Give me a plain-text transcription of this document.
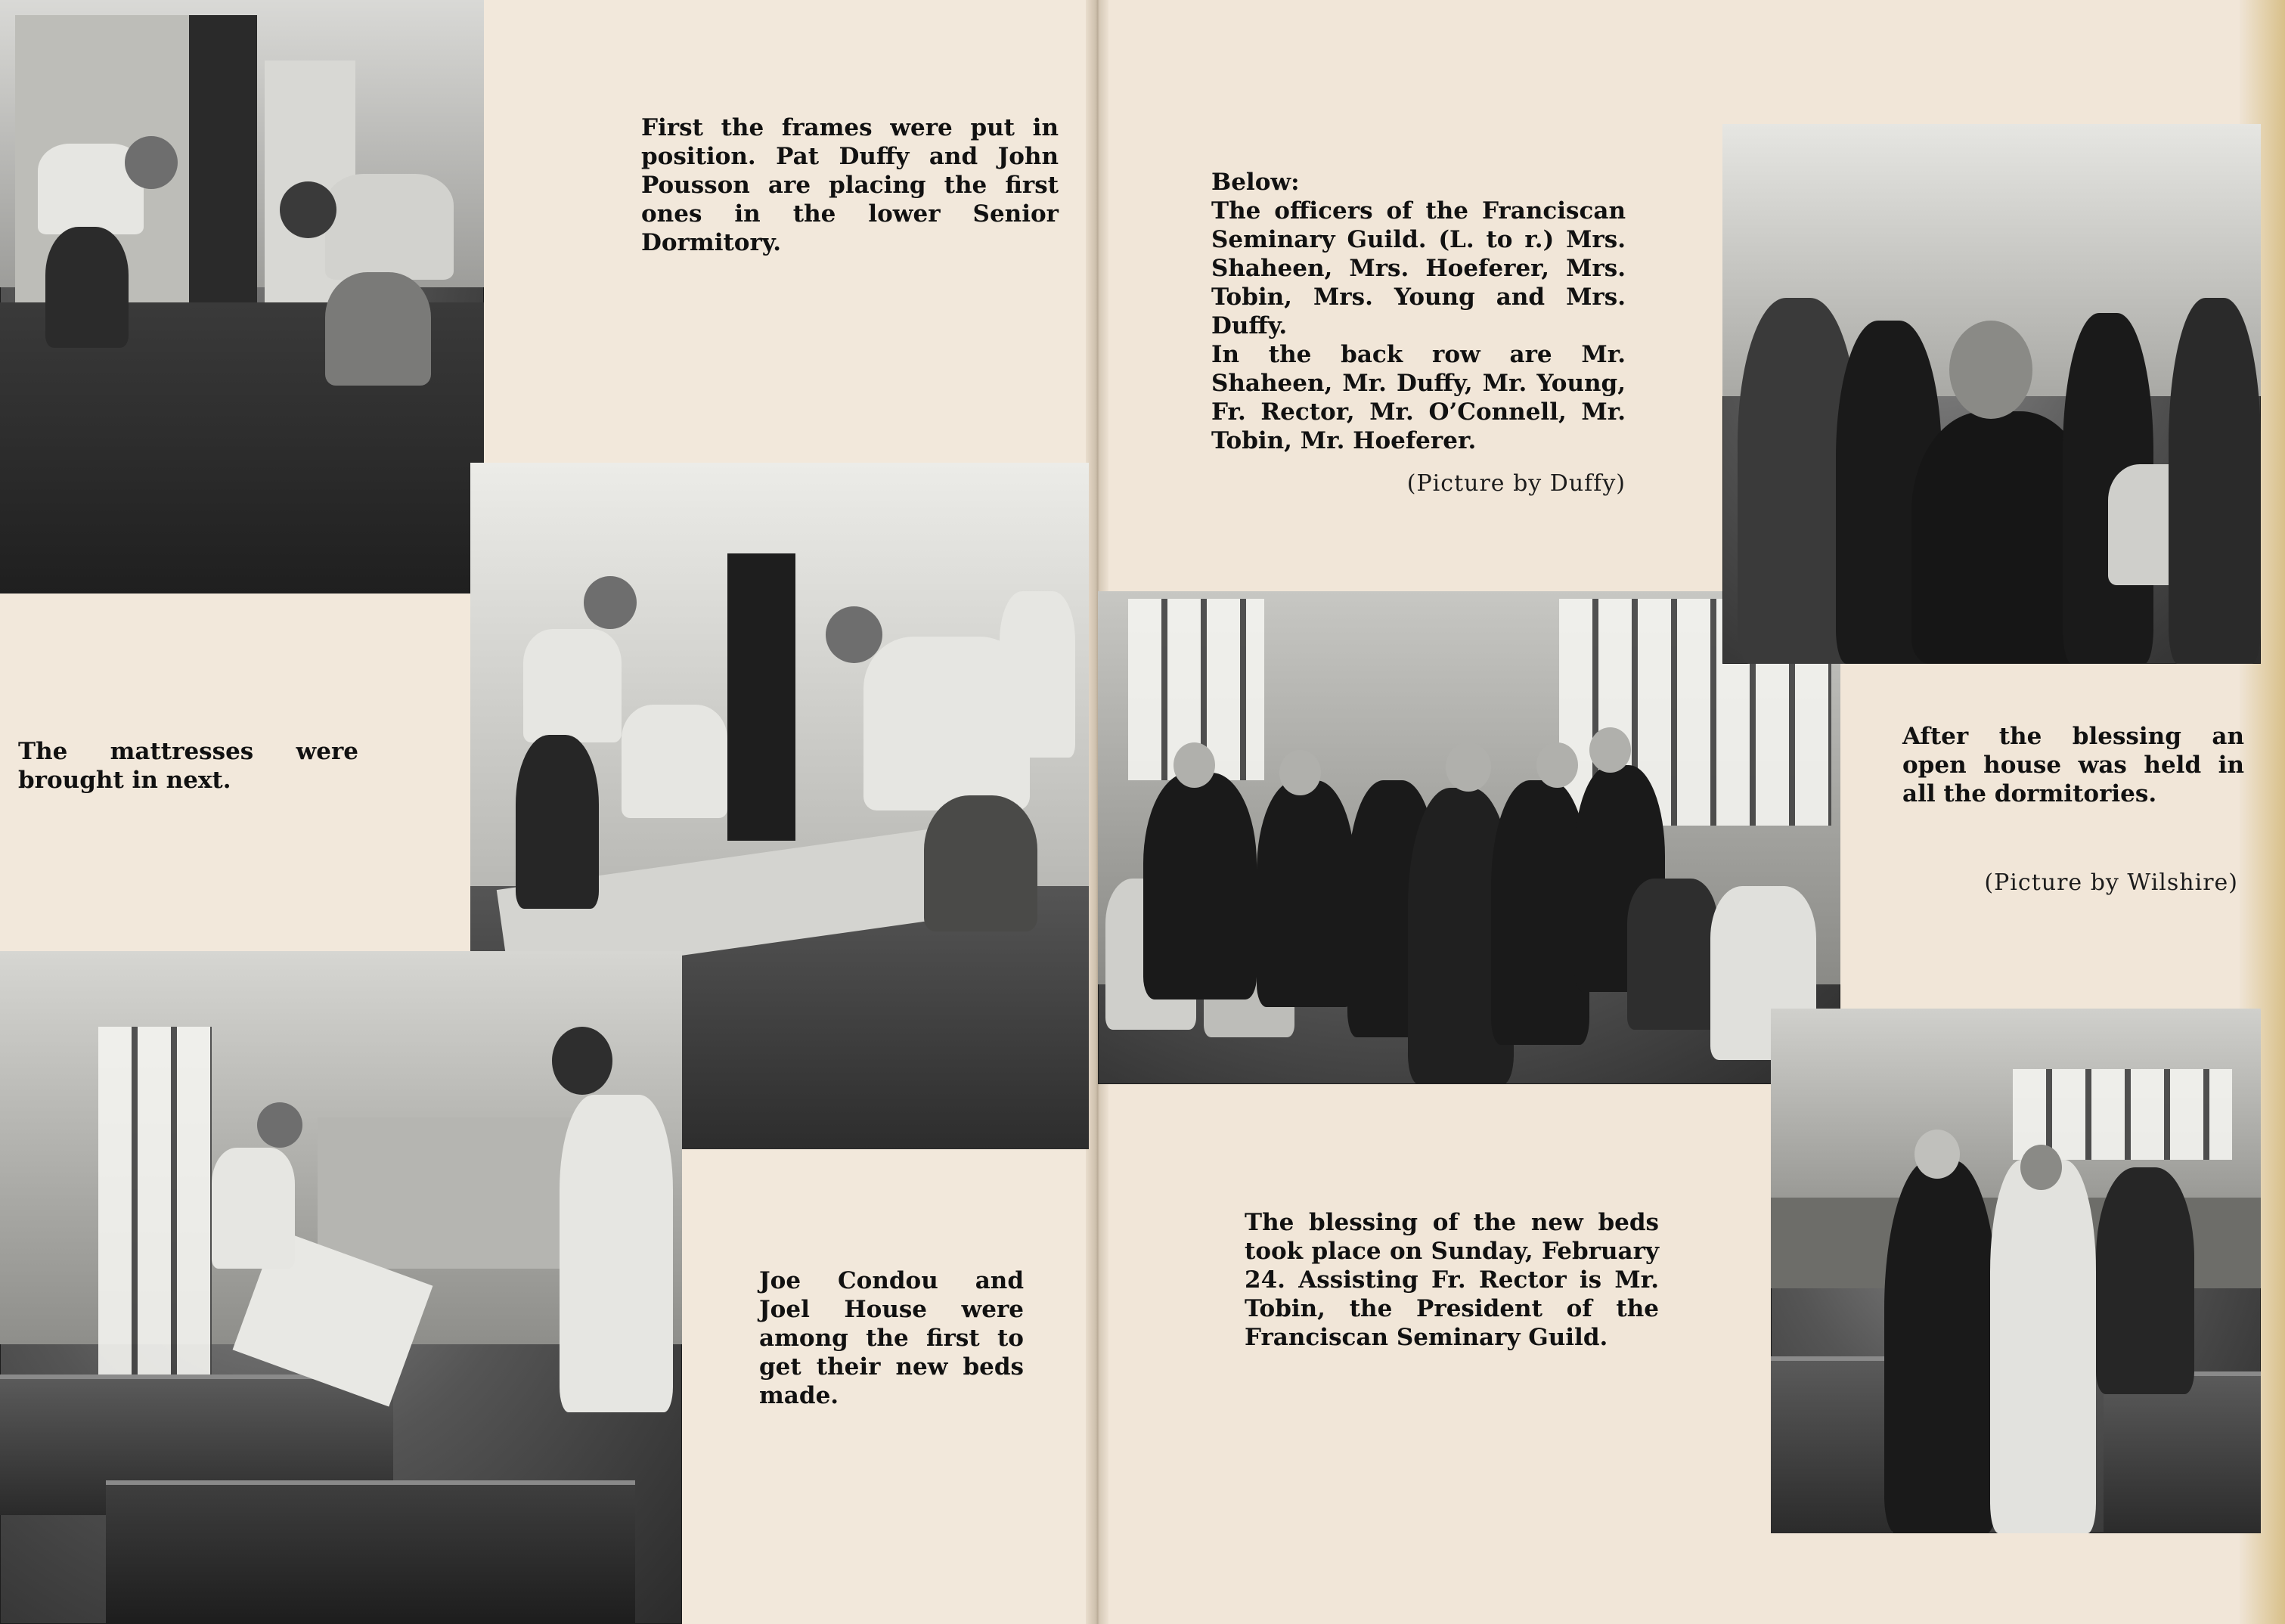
First the frames were put in position. Pat Duffy and John Pousson are placing the first ones in the lower Senior Dormitory.

The mattresses were brought in next.

Joe Condou and Joel House were among the first to get their new beds made.

Below:

The officers of the Franciscan Seminary Guild. (L. to r.) Mrs. Shaheen, Mrs. Hoeferer, Mrs. Tobin, Mrs. Young and Mrs. Duffy.

In the back row are Mr. Shaheen, Mr. Duffy, Mr. Young, Fr. Rector, Mr. O’Connell, Mr. Tobin, Mr. Hoeferer.

(Picture by Duffy)

After the blessing an open house was held in all the dormitories.

(Picture by Wilshire)

The blessing of the new beds took place on Sunday, February 24. Assisting Fr. Rector is Mr. Tobin, the President of the Franciscan Seminary Guild.
